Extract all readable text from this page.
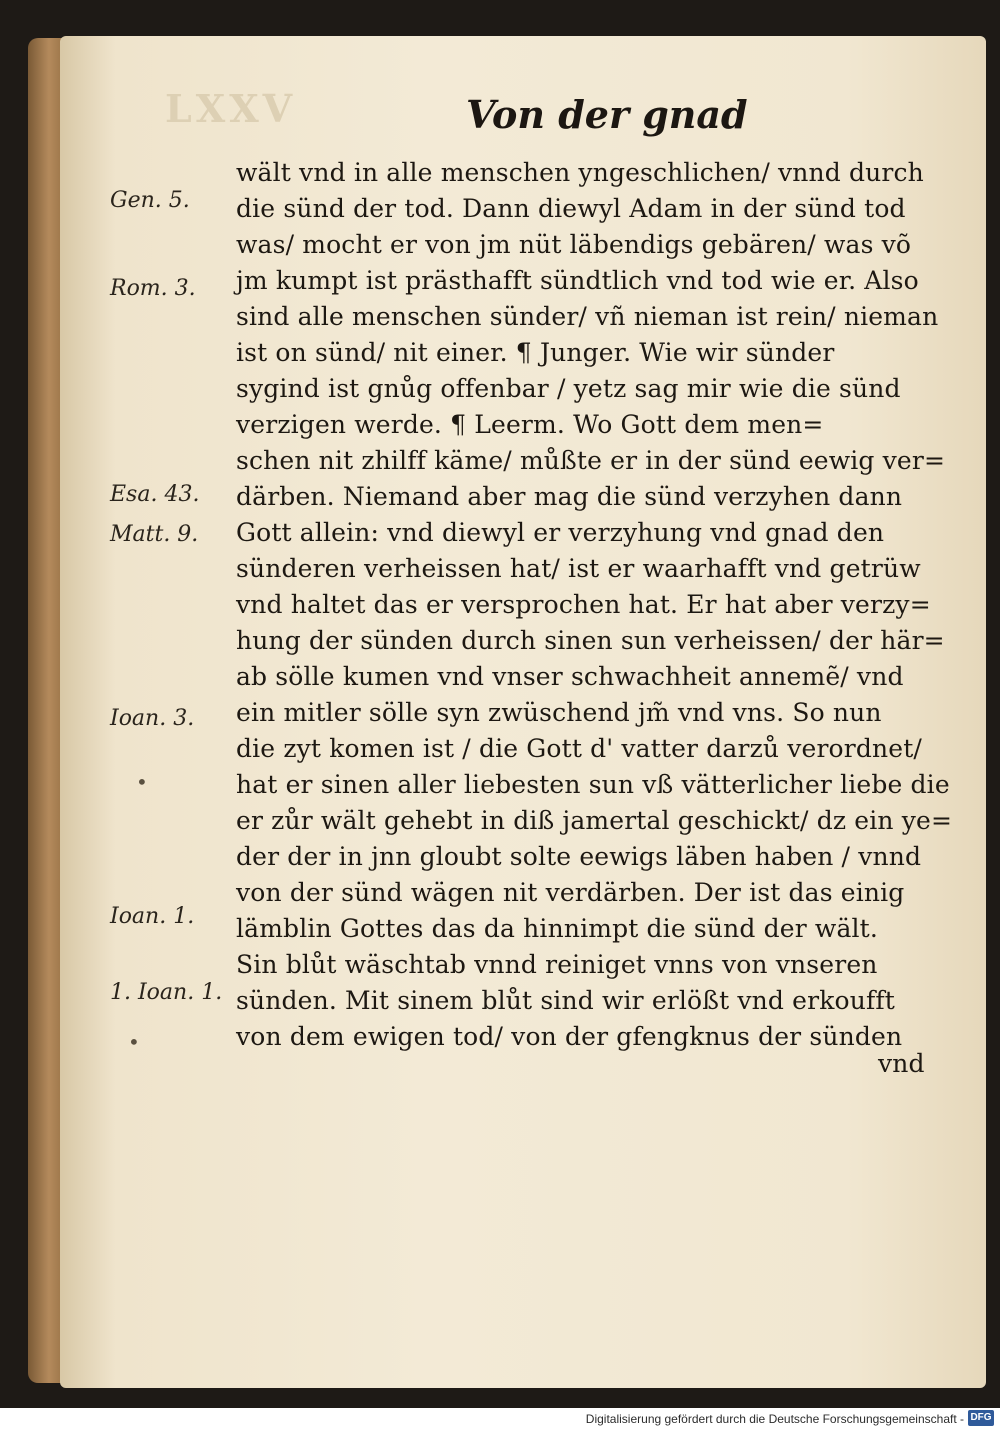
LXXV	Von der gnad
Gen. 5.
Rom. 3.
Esa. 43.
Matt. 9.
Ioan. 3.
Ioan. 1.
1. Ioan. 1.
•
•
wält vnd in alle menschen yngeschlichen/ vnnd durch
die sünd der tod. Dann diewyl Adam in der sünd tod
was/ mocht er von jm nüt läbendigs gebären/ was võ
jm kumpt ist prästhafft sündtlich vnd tod wie er. Also
sind alle menschen sünder/ vñ nieman ist rein/ nieman
ist on sünd/ nit einer. ¶ Junger. Wie wir sünder
sygind ist gnůg offenbar / yetz sag mir wie die sünd
verzigen werde. ¶ Leerm. Wo Gott dem men=
schen nit zhilff käme/ můßte er in der sünd eewig ver=
därben. Niemand aber mag die sünd verzyhen dann
Gott allein: vnd diewyl er verzyhung vnd gnad den
sünderen verheissen hat/ ist er waarhafft vnd getrüw
vnd haltet das er versprochen hat. Er hat aber verzy=
hung der sünden durch sinen sun verheissen/ der här=
ab sölle kumen vnd vnser schwachheit annemẽ/ vnd
ein mitler sölle syn zwüschend jm̃ vnd vns. So nun
die zyt komen ist / die Gott d' vatter darzů verordnet/
hat er sinen aller liebesten sun vß vätterlicher liebe die
er zůr wält gehebt in diß jamertal geschickt/ dz ein ye=
der der in jnn gloubt solte eewigs läben haben / vnnd
von der sünd wägen nit verdärben. Der ist das einig
lämblin Gottes das da hinnimpt die sünd der wält.
Sin blůt wäschtab vnnd reiniget vnns von vnseren
sünden. Mit sinem blůt sind wir erlößt vnd erkoufft
von dem ewigen tod/ von der gfengknus der sünden
vnd
Digitalisierung gefördert durch die Deutsche Forschungsgemeinschaft - DFG
